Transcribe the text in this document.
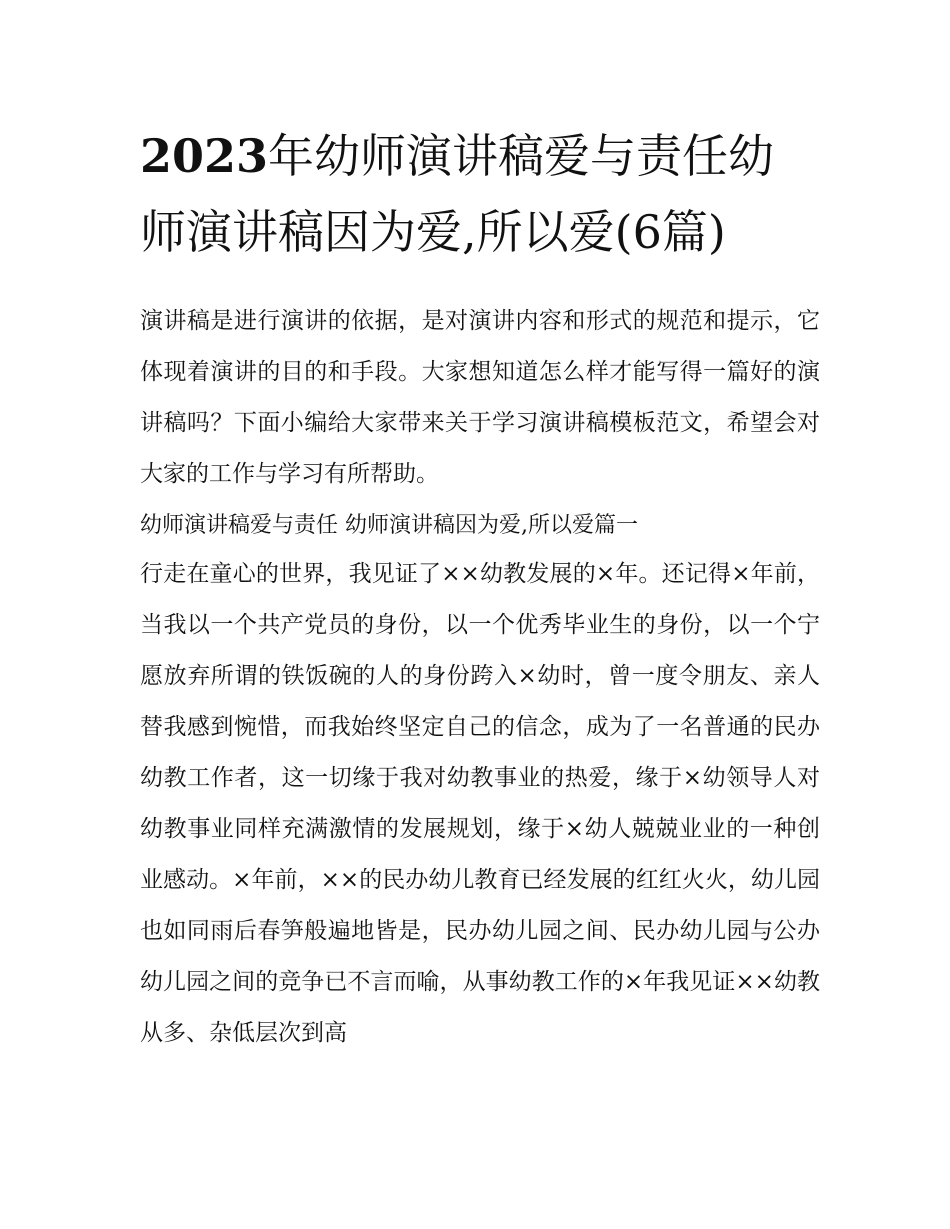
2023年幼师演讲稿爱与责任幼师演讲稿因为爱,所以爱(6篇)

演讲稿是进行演讲的依据，是对演讲内容和形式的规范和提示，它体现着演讲的目的和手段。大家想知道怎么样才能写得一篇好的演讲稿吗？下面小编给大家带来关于学习演讲稿模板范文，希望会对大家的工作与学习有所帮助。

幼师演讲稿爱与责任 幼师演讲稿因为爱,所以爱篇一

行走在童心的世界，我见证了××幼教发展的×年。还记得×年前，当我以一个共产党员的身份，以一个优秀毕业生的身份，以一个宁愿放弃所谓的铁饭碗的人的身份跨入×幼时，曾一度令朋友、亲人替我感到惋惜，而我始终坚定自己的信念，成为了一名普通的民办幼教工作者，这一切缘于我对幼教事业的热爱，缘于×幼领导人对幼教事业同样充满激情的发展规划，缘于×幼人兢兢业业的一种创业感动。×年前，××的民办幼儿教育已经发展的红红火火，幼儿园也如同雨后春笋般遍地皆是，民办幼儿园之间、民办幼儿园与公办幼儿园之间的竞争已不言而喻，从事幼教工作的×年我见证××幼教从多、杂低层次到高
